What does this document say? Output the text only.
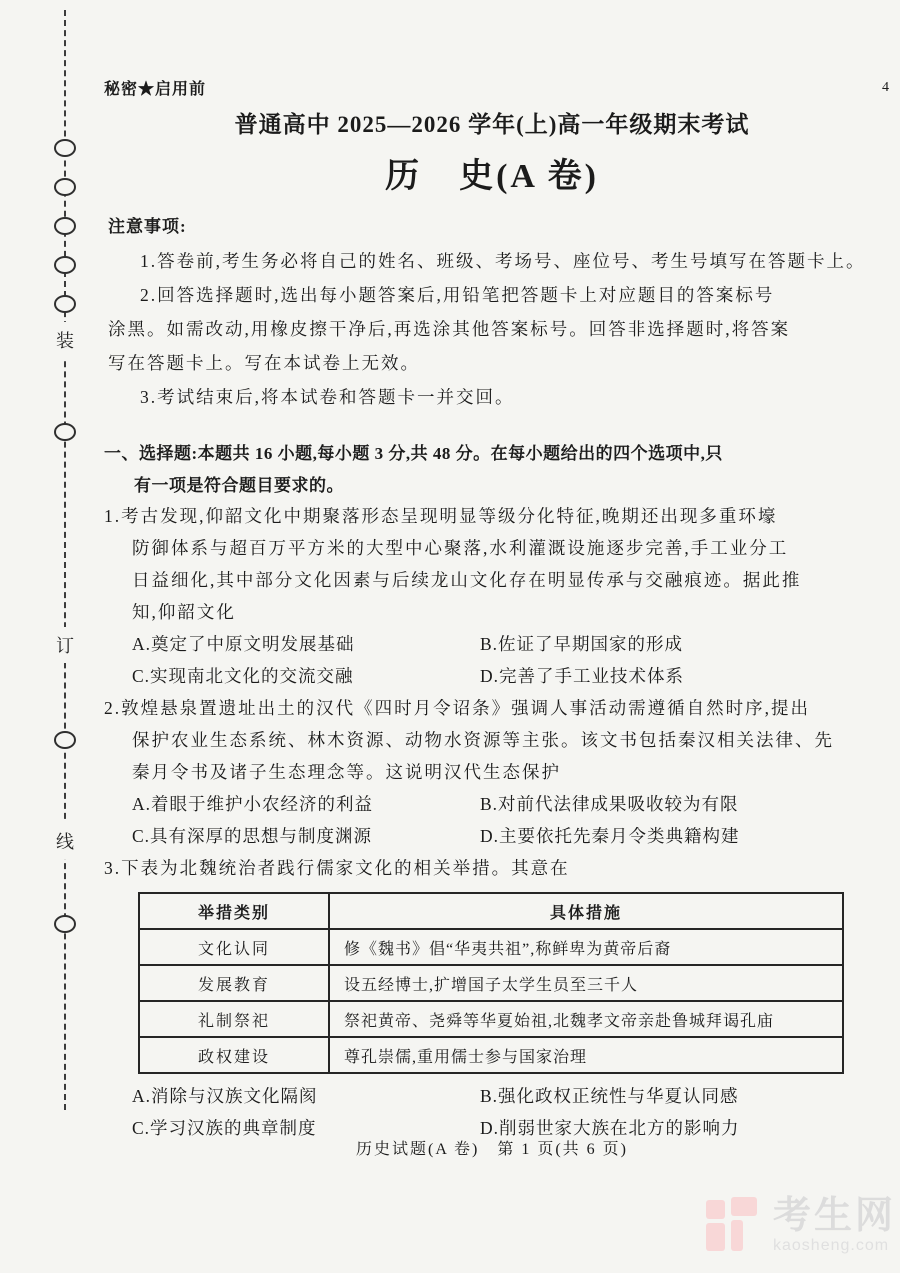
装
订
线
秘密★启用前	4
普通高中 2025—2026 学年(上)高一年级期末考试
历　史(A 卷)
注意事项:
1.答卷前,考生务必将自己的姓名、班级、考场号、座位号、考生号填写在答题卡上。
2.回答选择题时,选出每小题答案后,用铅笔把答题卡上对应题目的答案标号
涂黑。如需改动,用橡皮擦干净后,再选涂其他答案标号。回答非选择题时,将答案
写在答题卡上。写在本试卷上无效。
3.考试结束后,将本试卷和答题卡一并交回。
一、选择题:本题共 16 小题,每小题 3 分,共 48 分。在每小题给出的四个选项中,只
有一项是符合题目要求的。
1.考古发现,仰韶文化中期聚落形态呈现明显等级分化特征,晚期还出现多重环壕
防御体系与超百万平方米的大型中心聚落,水利灌溉设施逐步完善,手工业分工
日益细化,其中部分文化因素与后续龙山文化存在明显传承与交融痕迹。据此推
知,仰韶文化
A.奠定了中原文明发展基础	B.佐证了早期国家的形成
C.实现南北文化的交流交融	D.完善了手工业技术体系
2.敦煌悬泉置遗址出土的汉代《四时月令诏条》强调人事活动需遵循自然时序,提出
保护农业生态系统、林木资源、动物水资源等主张。该文书包括秦汉相关法律、先
秦月令书及诸子生态理念等。这说明汉代生态保护
A.着眼于维护小农经济的利益	B.对前代法律成果吸收较为有限
C.具有深厚的思想与制度渊源	D.主要依托先秦月令类典籍构建
3.下表为北魏统治者践行儒家文化的相关举措。其意在
举措类别	具体措施
文化认同	修《魏书》倡“华夷共祖”,称鲜卑为黄帝后裔
发展教育	设五经博士,扩增国子太学生员至三千人
礼制祭祀	祭祀黄帝、尧舜等华夏始祖,北魏孝文帝亲赴鲁城拜谒孔庙
政权建设	尊孔崇儒,重用儒士参与国家治理
A.消除与汉族文化隔阂	B.强化政权正统性与华夏认同感
C.学习汉族的典章制度	D.削弱世家大族在北方的影响力
历史试题(A 卷)　第 1 页(共 6 页)
考生网
kaosheng.com
